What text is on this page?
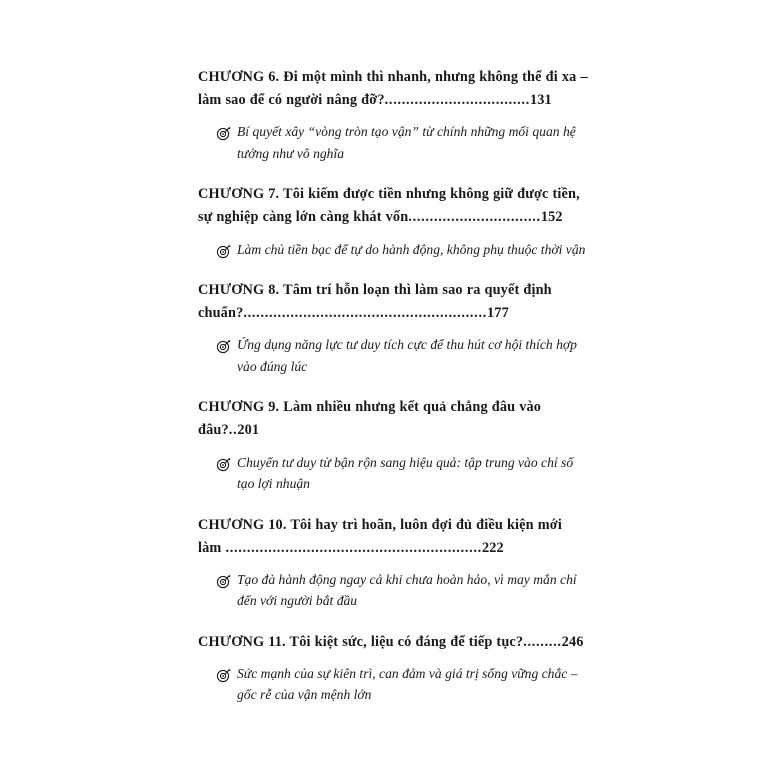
CHƯƠNG 6. Đi một mình thì nhanh, nhưng không thể đi xa – làm sao để có người nâng đỡ?..................................131
Bí quyết xây “vòng tròn tạo vận” từ chính những mối quan hệ tưởng như vô nghĩa
CHƯƠNG 7. Tôi kiếm được tiền nhưng không giữ được tiền, sự nghiệp càng lớn càng khát vốn...............................152
Làm chủ tiền bạc để tự do hành động, không phụ thuộc thời vận
CHƯƠNG 8. Tâm trí hỗn loạn thì làm sao ra quyết định chuẩn?.........................................................177
Ứng dụng năng lực tư duy tích cực để thu hút cơ hội thích hợp vào đúng lúc
CHƯƠNG 9. Làm nhiều nhưng kết quả chẳng đâu vào đâu?..201
Chuyển tư duy từ bận rộn sang hiệu quả: tập trung vào chỉ số tạo lợi nhuận
CHƯƠNG 10. Tôi hay trì hoãn, luôn đợi đủ điều kiện mới làm ............................................................222
Tạo đà hành động ngay cả khi chưa hoàn hảo, vì may mắn chỉ đến với người bắt đầu
CHƯƠNG 11. Tôi kiệt sức, liệu có đáng để tiếp tục?.........246
Sức mạnh của sự kiên trì, can đảm và giá trị sống vững chắc – gốc rễ của vận mệnh lớn
